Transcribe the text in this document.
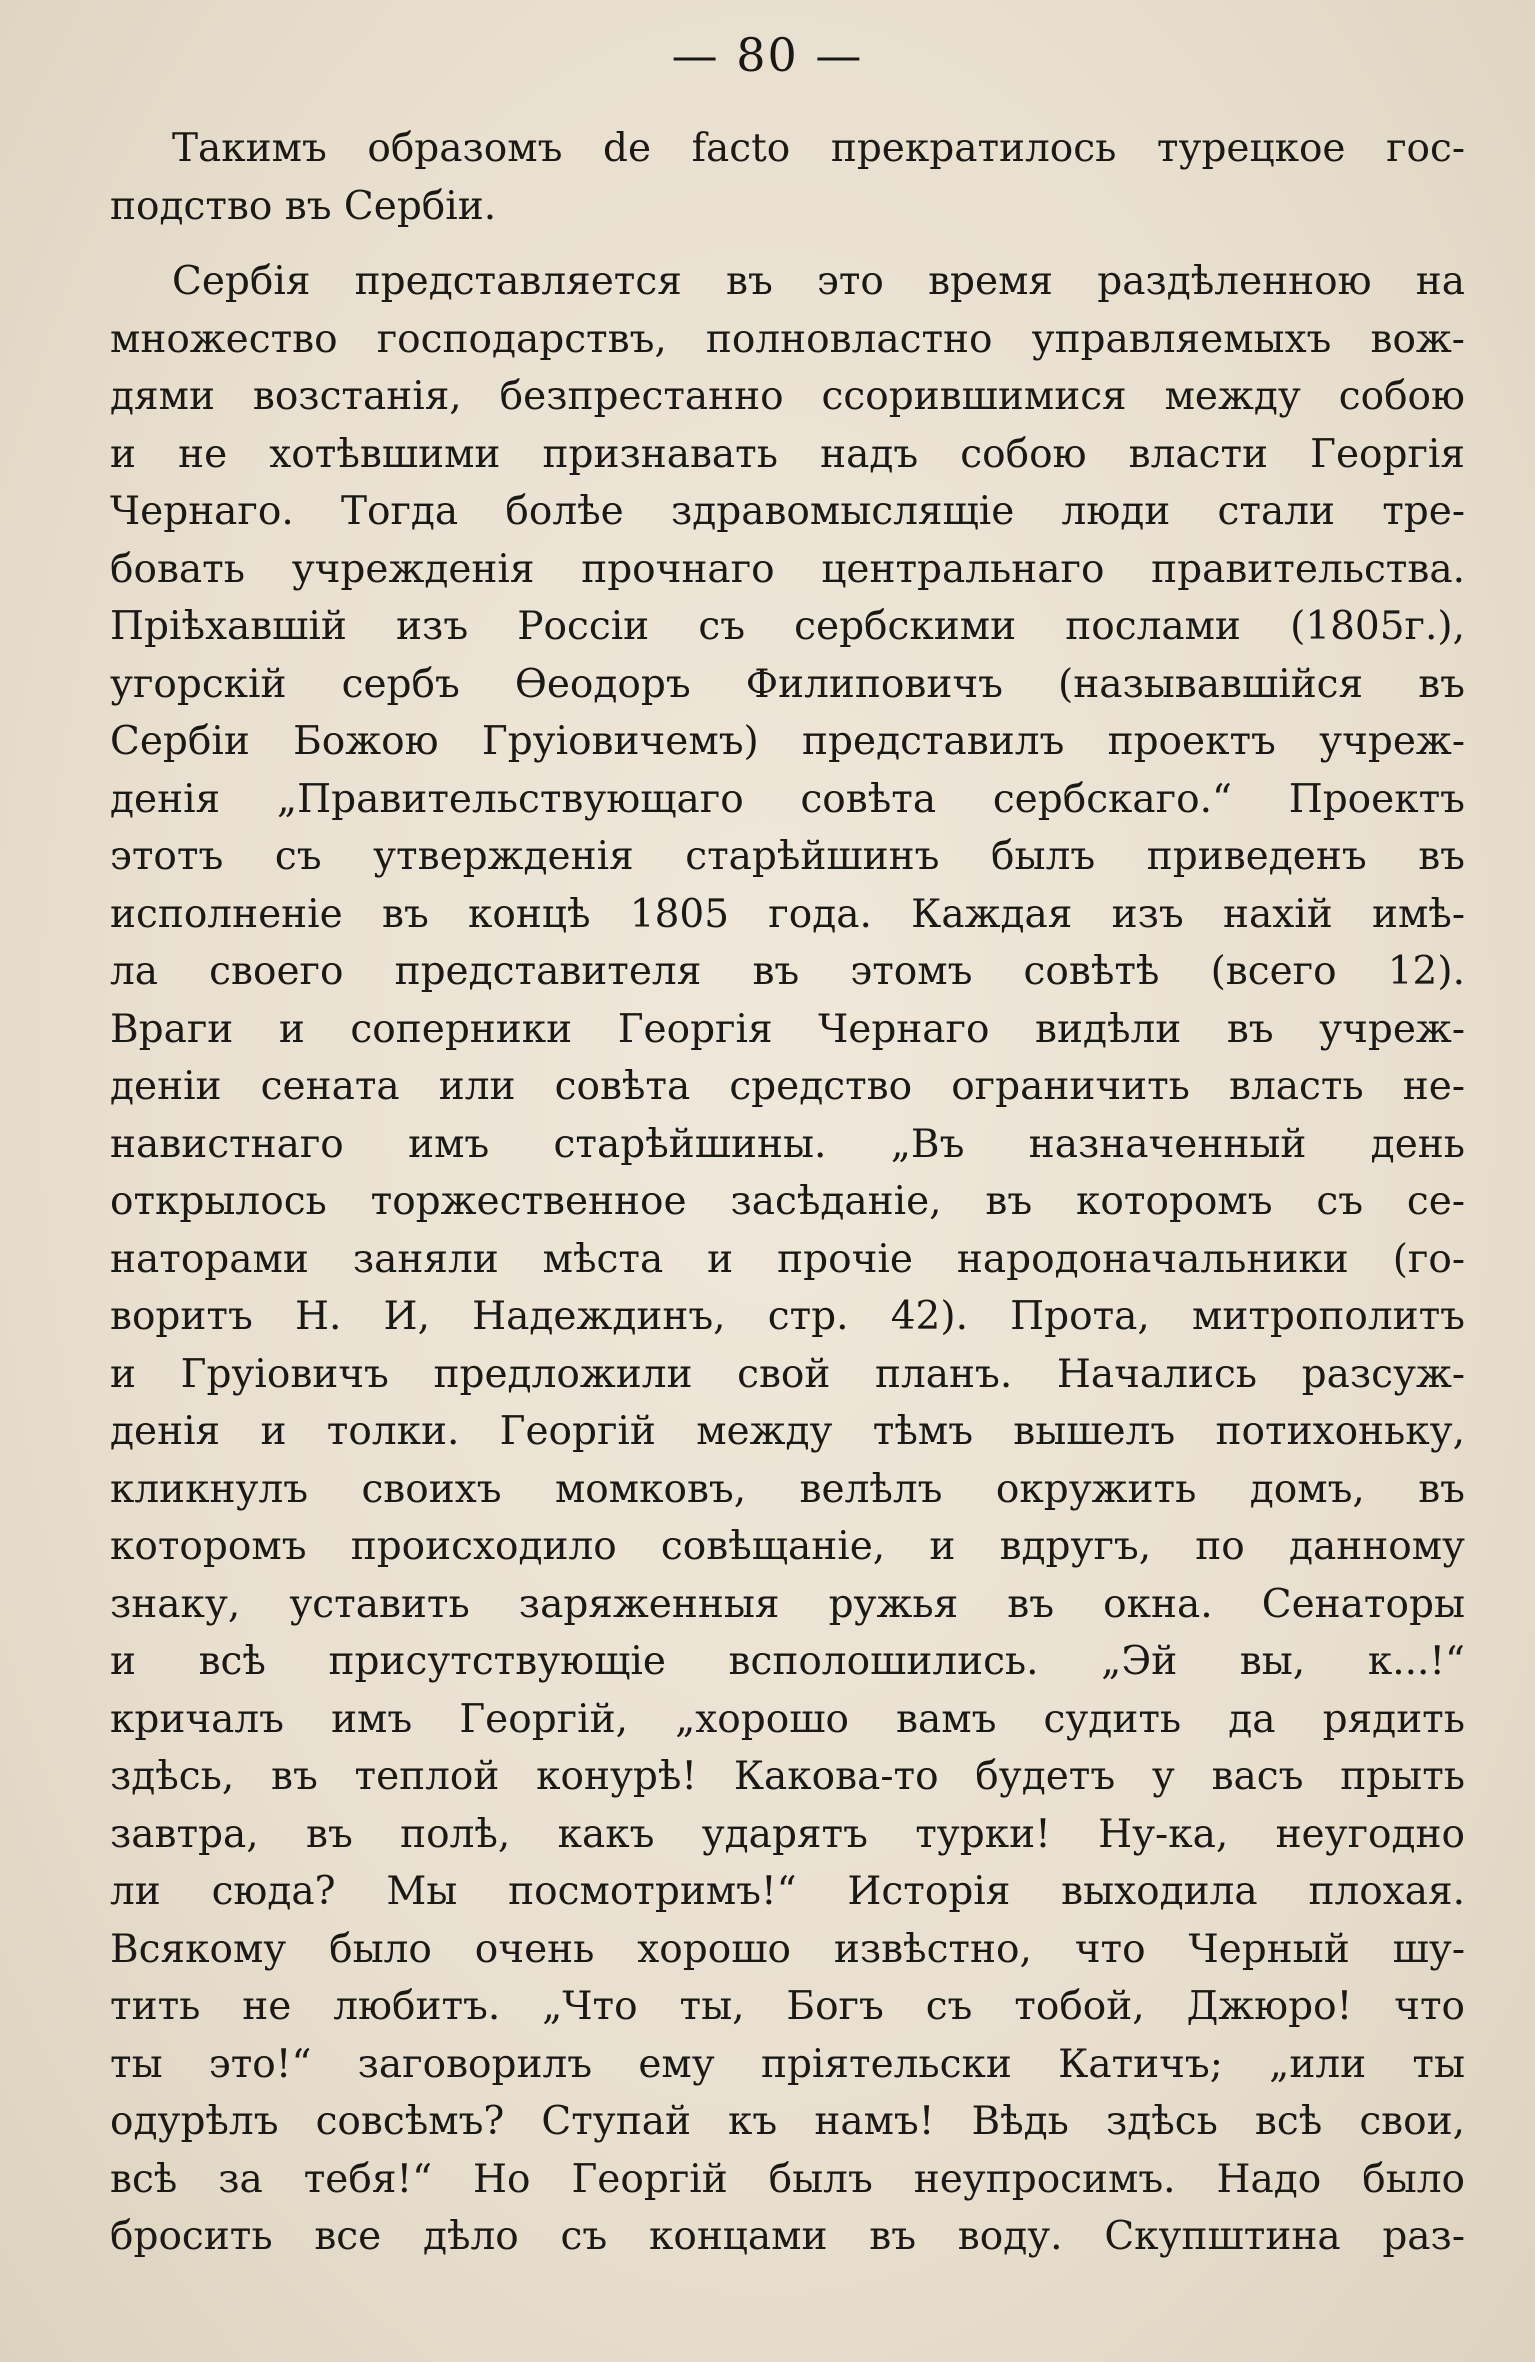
— 80 —
Такимъ образомъ de facto прекратилось турецкое гос-
подство въ Сербіи.
Сербія представляется въ это время раздѣленною на
множество господарствъ, полновластно управляемыхъ вож-
дями возстанія, безпрестанно ссорившимися между собою
и не хотѣвшими признавать надъ собою власти Георгія
Чернаго. Тогда болѣе здравомыслящіе люди стали тре-
бовать учрежденія прочнаго центральнаго правительства.
Пріѣхавшій изъ Россіи съ сербскими послами (1805г.),
угорскій сербъ Ѳеодоръ Филиповичъ (называвшійся въ
Сербіи Божою Груіовичемъ) представилъ проектъ учреж-
денія „Правительствующаго совѣта сербскаго.“ Проектъ
этотъ съ утвержденія старѣйшинъ былъ приведенъ въ
исполненіе въ концѣ 1805 года. Каждая изъ нахій имѣ-
ла своего представителя въ этомъ совѣтѣ (всего 12).
Враги и соперники Георгія Чернаго видѣли въ учреж-
деніи сената или совѣта средство ограничить власть не-
навистнаго имъ старѣйшины. „Въ назначенный день
открылось торжественное засѣданіе, въ которомъ съ се-
наторами заняли мѣста и прочіе народоначальники (го-
воритъ Н. И, Надеждинъ, стр. 42). Прота, митрополитъ
и Груіовичъ предложили свой планъ. Начались разсуж-
денія и толки. Георгій между тѣмъ вышелъ потихоньку,
кликнулъ своихъ момковъ, велѣлъ окружить домъ, въ
которомъ происходило совѣщаніе, и вдругъ, по данному
знаку, уставить заряженныя ружья въ окна. Сенаторы
и всѣ присутствующіе всполошились. „Эй вы, к...!“
кричалъ имъ Георгій, „хорошо вамъ судить да рядить
здѣсь, въ теплой конурѣ! Какова-то будетъ у васъ прыть
завтра, въ полѣ, какъ ударятъ турки! Ну-ка, неугодно
ли сюда? Мы посмотримъ!“ Исторія выходила плохая.
Всякому было очень хорошо извѣстно, что Черный шу-
тить не любитъ. „Что ты, Богъ съ тобой, Джюро! что
ты это!“ заговорилъ ему пріятельски Катичъ; „или ты
одурѣлъ совсѣмъ? Ступай къ намъ! Вѣдь здѣсь всѣ свои,
всѣ за тебя!“ Но Георгій былъ неупросимъ. Надо было
бросить все дѣло съ концами въ воду. Скупштина раз-
